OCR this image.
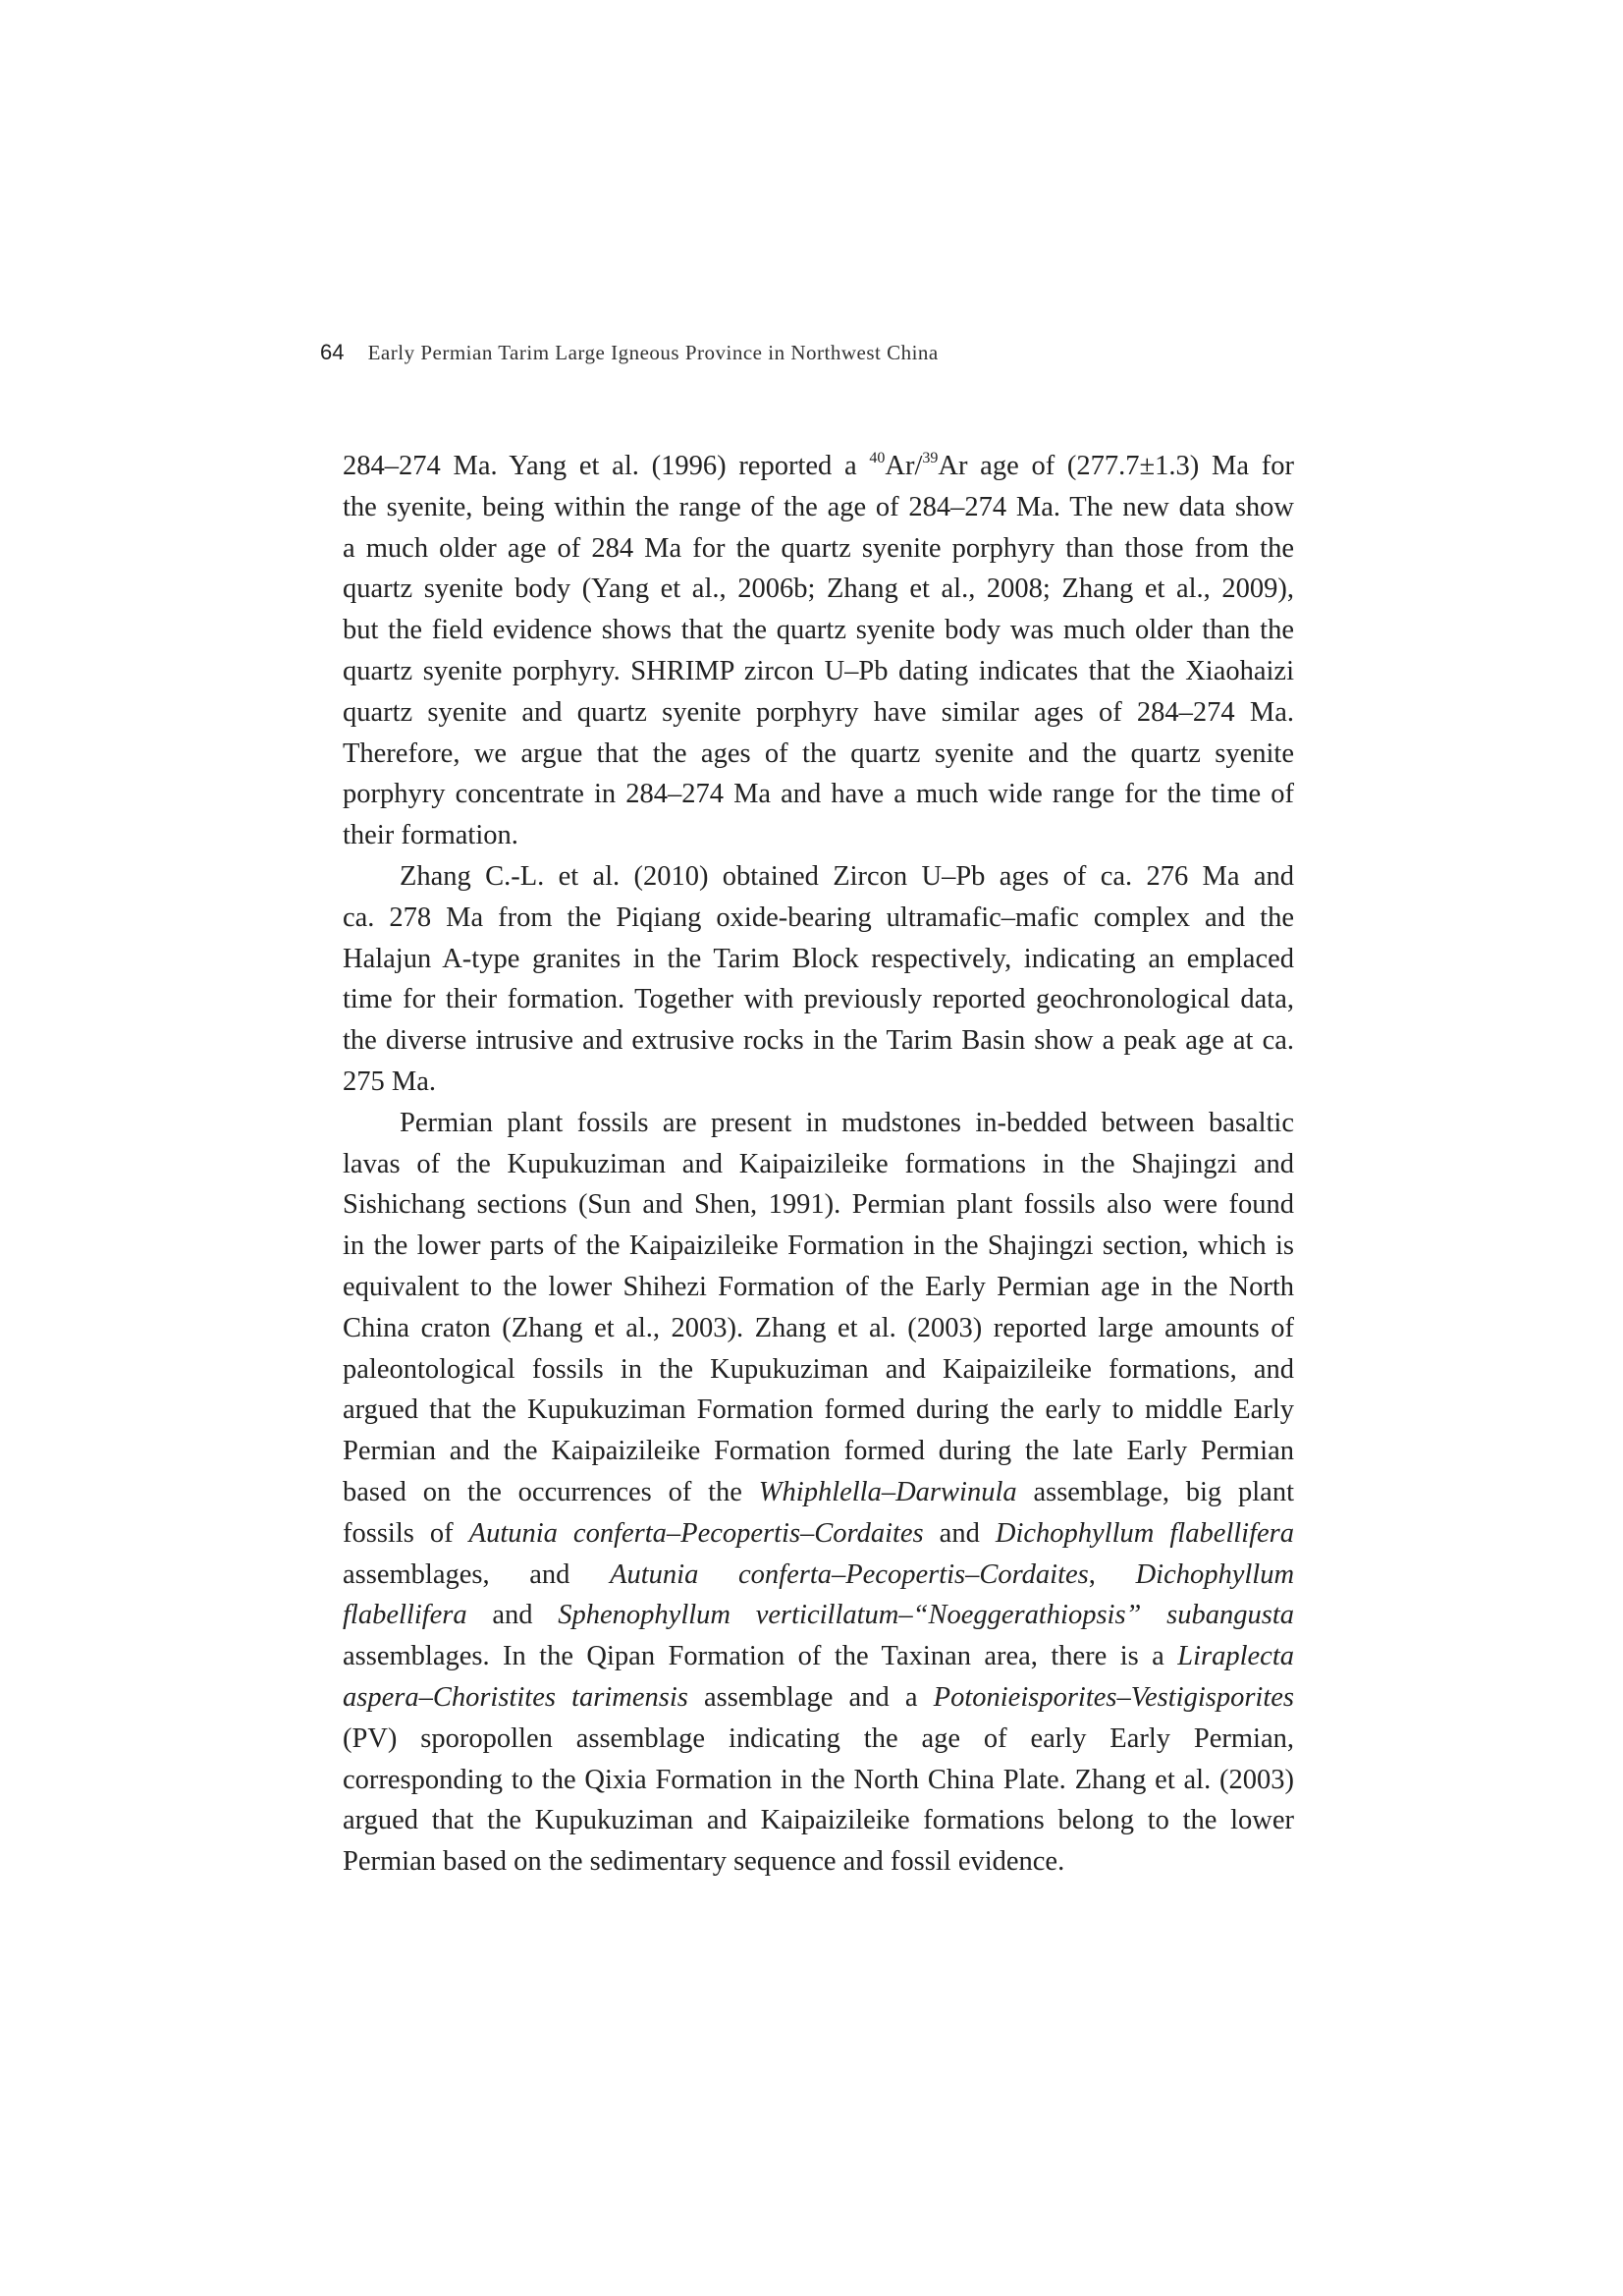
64 Early Permian Tarim Large Igneous Province in Northwest China

284–274 Ma. Yang et al. (1996) reported a $^{40}$Ar/$^{39}$Ar age of (277.7±1.3) Ma for
the syenite, being within the range of the age of 284–274 Ma. The new data show
a much older age of 284 Ma for the quartz syenite porphyry than those from the
quartz syenite body (Yang et al., 2006b; Zhang et al., 2008; Zhang et al., 2009),
but the field evidence shows that the quartz syenite body was much older than the
quartz syenite porphyry. SHRIMP zircon U–Pb dating indicates that the Xiaohaizi
quartz syenite and quartz syenite porphyry have similar ages of 284–274 Ma.
Therefore, we argue that the ages of the quartz syenite and the quartz syenite
porphyry concentrate in 284–274 Ma and have a much wide range for the time of
their formation.

Zhang C.-L. et al. (2010) obtained Zircon U–Pb ages of ca. 276 Ma and
ca. 278 Ma from the Piqiang oxide-bearing ultramafic–mafic complex and the
Halajun A-type granites in the Tarim Block respectively, indicating an emplaced
time for their formation. Together with previously reported geochronological data,
the diverse intrusive and extrusive rocks in the Tarim Basin show a peak age at ca.
275 Ma.

Permian plant fossils are present in mudstones in-bedded between basaltic
lavas of the Kupukuziman and Kaipaizileike formations in the Shajingzi and
Sishichang sections (Sun and Shen, 1991). Permian plant fossils also were found
in the lower parts of the Kaipaizileike Formation in the Shajingzi section, which is
equivalent to the lower Shihezi Formation of the Early Permian age in the North
China craton (Zhang et al., 2003). Zhang et al. (2003) reported large amounts of
paleontological fossils in the Kupukuziman and Kaipaizileike formations, and
argued that the Kupukuziman Formation formed during the early to middle Early
Permian and the Kaipaizileike Formation formed during the late Early Permian
based on the occurrences of the Whiphlella–Darwinula assemblage, big plant
fossils of Autunia conferta–Pecopertis–Cordaites and Dichophyllum flabellifera
assemblages, and Autunia conferta–Pecopertis–Cordaites, Dichophyllum
flabellifera and Sphenophyllum verticillatum–“Noeggerathiopsis” subangusta
assemblages. In the Qipan Formation of the Taxinan area, there is a Liraplecta
aspera–Choristites tarimensis assemblage and a Potonieisporites–Vestigisporites
(PV) sporopollen assemblage indicating the age of early Early Permian,
corresponding to the Qixia Formation in the North China Plate. Zhang et al. (2003)
argued that the Kupukuziman and Kaipaizileike formations belong to the lower
Permian based on the sedimentary sequence and fossil evidence.
